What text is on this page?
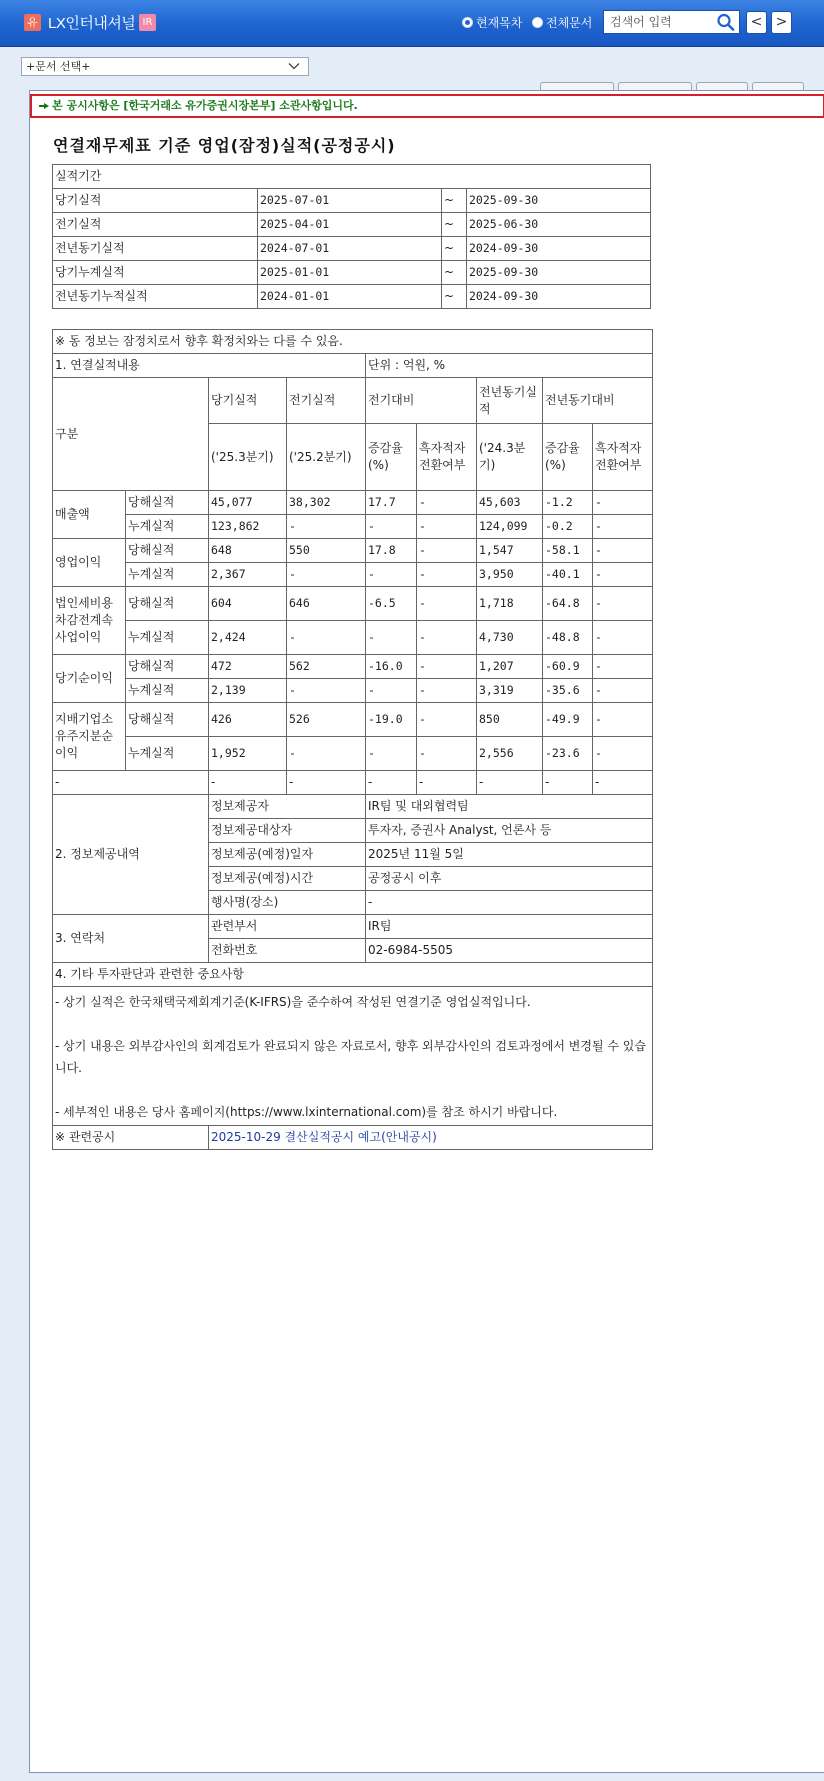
유 LX인터내셔널 IR	현재목차 전체문서
검색어 입력	< >
+문서 선택+
본 공시사항은 [한국거래소 유가증권시장본부] 소관사항입니다.
연결재무제표 기준 영업(잠정)실적(공정공시)
실적기간			
당기실적	2025-07-01	~	2025-09-30
전기실적	2025-04-01	~	2025-06-30
전년동기실적	2024-07-01	~	2024-09-30
당기누계실적	2025-01-01	~	2025-09-30
전년동기누적실적	2024-01-01	~	2024-09-30
※ 동 정보는 잠정치로서 향후 확정치와는 다를 수 있음.								
1. 연결실적내용				단위 : 억원, %				
구분		당기실적	전기실적	전기대비		전년동기실적	전년동기대비	
		('25.3분기)	('25.2분기)	증감율(%)	흑자적자전환여부	('24.3분기)	증감율(%)	흑자적자전환여부
매출액	당해실적	45,077	38,302	17.7	-	45,603	-1.2	-
	누계실적	123,862	-	-	-	124,099	-0.2	-
영업이익	당해실적	648	550	17.8	-	1,547	-58.1	-
	누계실적	2,367	-	-	-	3,950	-40.1	-
법인세비용차감전계속사업이익	당해실적	604	646	-6.5	-	1,718	-64.8	-
	누계실적	2,424	-	-	-	4,730	-48.8	-
당기순이익	당해실적	472	562	-16.0	-	1,207	-60.9	-
	누계실적	2,139	-	-	-	3,319	-35.6	-
지배기업소유주지분순이익	당해실적	426	526	-19.0	-	850	-49.9	-
	누계실적	1,952	-	-	-	2,556	-23.6	-
-		-	-	-	-	-	-	-
2. 정보제공내역		정보제공자		IR팀 및 대외협력팀				
		정보제공대상자		투자자, 증권사 Analyst, 언론사 등				
		정보제공(예정)일자		2025년 11월 5일				
		정보제공(예정)시간		공정공시 이후				
		행사명(장소)		-				
3. 연락처		관련부서		IR팀				
		전화번호		02-6984-5505				
4. 기타 투자판단과 관련한 중요사항								

- 상기 실적은 한국채택국제회계기준(K-IFRS)을 준수하여 작성된 연결기준 영업실적입니다.
- 상기 내용은 외부감사인의 회계검토가 완료되지 않은 자료로서, 향후 외부감사인의 검토과정에서 변경될 수 있습니다.
- 세부적인 내용은 당사 홈페이지(https://www.lxinternational.com)를 참조 하시기 바랍니다.								

※ 관련공시		2025-10-29 결산실적공시 예고(안내공시)						
